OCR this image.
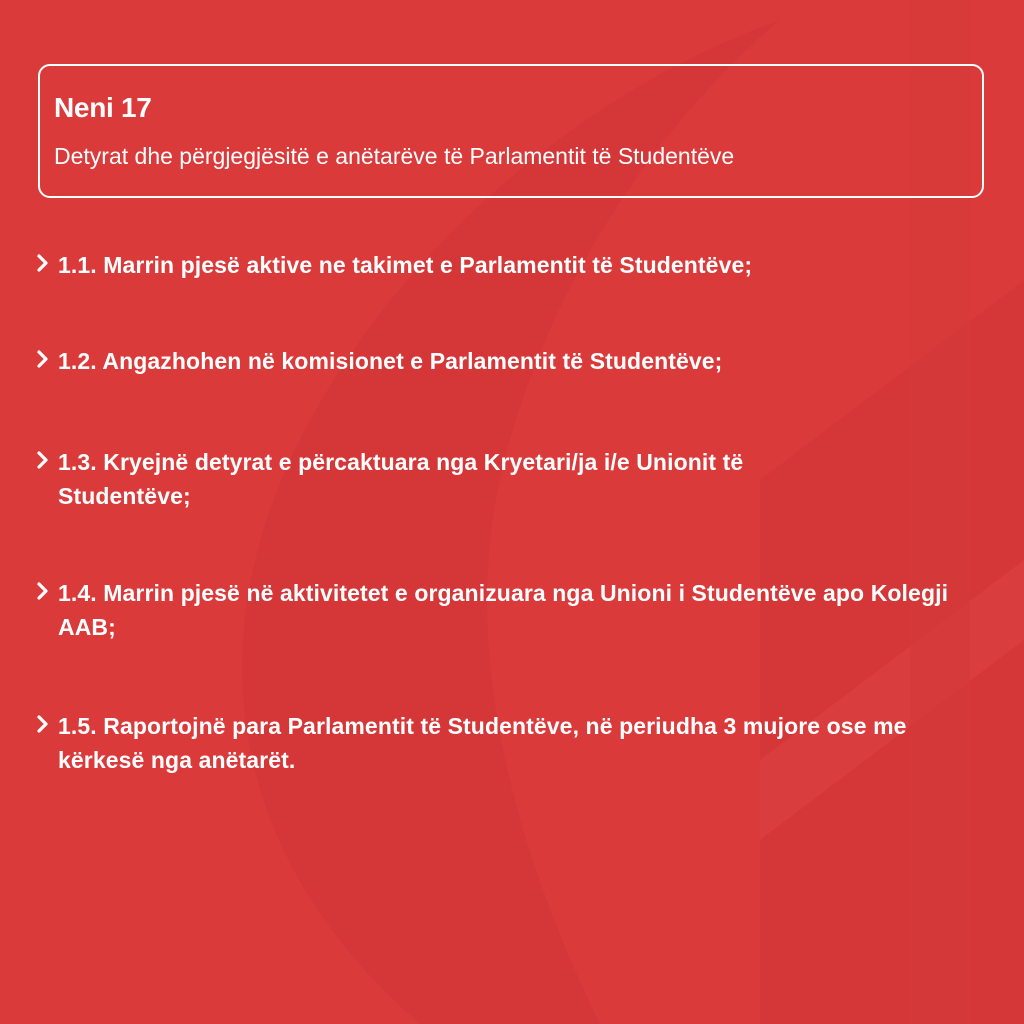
Neni 17
Detyrat dhe përgjegjësitë e anëtarëve të Parlamentit të Studentëve
1.1. Marrin pjesë aktive ne takimet e Parlamentit të Studentëve;
1.2. Angazhohen në komisionet e Parlamentit të Studentëve;
1.3. Kryejnë detyrat e përcaktuara nga Kryetari/ja i/e Unionit të Studentëve;
1.4. Marrin pjesë në aktivitetet e organizuara nga Unioni i Studentëve apo Kolegji AAB;
1.5. Raportojnë para Parlamentit të Studentëve, në periudha 3 mujore ose me kërkesë nga anëtarët.
